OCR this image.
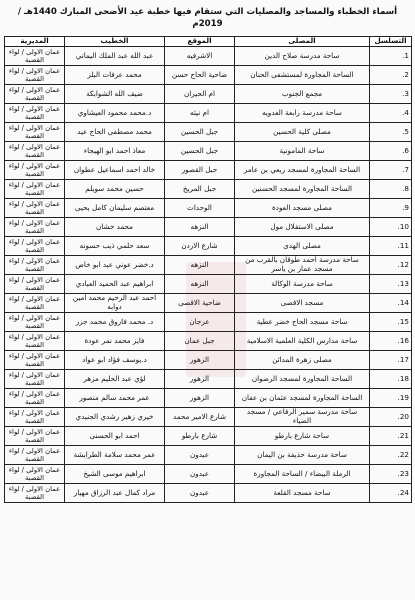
أسماء الخطباء والمساجد والمصليات التي ستقام فيها خطبة عيد الأضحى المبارك 1440هـ / 2019م
التسلسل	المصلى	الموقع	الخطيب	المديرية
1.	ساحة مدرسة صلاح الدين	الاشرفيه	عبد الله عبد الملك اليماني	عمان الاولى / لواء القصبة
2.	الساحة المجاورة لمستشفى الحنان	ضاحية الحاج حسن	محمد عرفات البلز	عمان الاولى / لواء القصبة
3.	مجمع الجنوب	ام الحيران	ضيف الله الشوابكة	عمان الاولى / لواء القصبة
4.	ساحة مدرسة رابعة العدويه	ام نيثه	د.محمد محمود العيشاوي	عمان الاولى / لواء القصبة
5.	مصلى كلية الحسين	جبل الحسين	محمد مصطفى الحاج عيد	عمان الاولى / لواء القصبة
6.	ساحة المامونية	جبل الحسين	معاذ احمد ابو الهيجاء	عمان الاولى / لواء القصبة
7.	الساحة المجاورة لمسجد ربعي بن عامر	جبل القصور	خالد احمد اسماعيل عطوان	عمان الاولى / لواء القصبة
8.	الساحة المجاورة لمسجد الحسنين	جبل المريخ	حسين محمد سويلم	عمان الاولى / لواء القصبة
9.	مصلى مسجد العودة	الوحدات	معتصم سليمان كامل يحيى	عمان الاولى / لواء القصبة
10.	مصلى الاستقلال مول	النزهه	محمد خشان	عمان الاولى / لواء القصبة
11.	مصلى الهدى	شارع الاردن	سعد حلمي ذيب حسونه	عمان الاولى / لواء القصبة
12.	ساحة مدرسة احمد طوقان بالقرب من مسجد عمار بن ياسر	النزهه	د.خضر عوني عبد ابو خاص	عمان الاولى / لواء القصبة
13.	ساحة مدرسة الوكالة	النزهه	ابراهيم عبد الحميد العبادي	عمان الاولى / لواء القصبة
14.	مسجد الاقصى	ضاحية الاقصى	احمد عبد الرحيم محمد امين دوابه	عمان الاولى / لواء القصبة
15.	ساحة مسجد الحاج خضر عطية	عرجان	د. محمد فاروق محمد جزر	عمان الاولى / لواء القصبة
16.	ساحة مدارس الكلية العلمية الاسلامية	جبل عمان	فايز محمد نمر عودة	عمان الاولى / لواء القصبة
17.	مصلى زهرة المدائن	الزهور	د.يوسف فؤاد ابو عواد	عمان الاولى / لواء القصبة
18.	الساحة المجاورة لمسجد الرضوان	الزهور	لؤي عبد الحليم مزهر	عمان الاولى / لواء القصبة
19.	الساحة المجاورة لمسجد عثمان بن عفان	الزهور	عمر محمد سالم منصور	عمان الاولى / لواء القصبة
20.	ساحة مدرسة سمير الرفاعي / مسجد الضياء	شارع الامير محمد	خيري زهير رشدي الجنيدي	عمان الاولى / لواء القصبة
21.	ساحة شارع بارطو	شارع بارطو	احمد ابو الحسنى	عمان الاولى / لواء القصبة
22.	ساحة مدرسة حذيفة بن اليمان	عبدون	عمر محمد سلامة الطرابشة	عمان الاولى / لواء القصبة
23.	الرملة البيضاء / الساحة المجاورة	عبدون	ابراهيم موسى الشيخ	عمان الاولى / لواء القصبة
24.	ساحة مسجد القلعة	عبدون	مراد كمال عبد الرزاق مهيار	عمان الاولى / لواء القصبة
